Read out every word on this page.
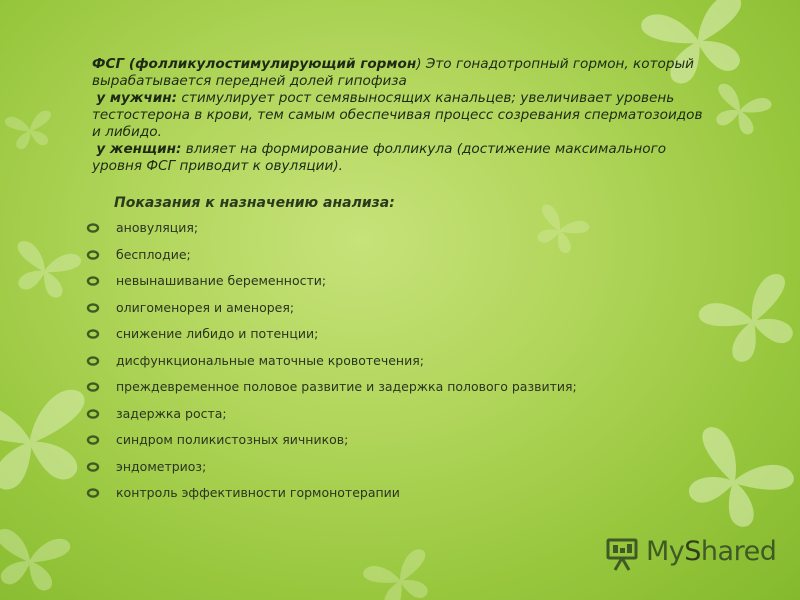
ФСГ (фолликулостимулирующий гормон) Это гонадотропный гормон, который вырабатывается передней долей гипофиза
у мужчин: стимулирует рост семявыносящих канальцев; увеличивает уровень тестостерона в крови, тем самым обеспечивая процесс созревания сперматозоидов и либидо.
у женщин: влияет на формирование фолликула (достижение максимального уровня ФСГ приводит к овуляции).

Показания к назначению анализа:
ановуляция;
бесплодие;
невынашивание беременности;
олигоменорея и аменорея;
снижение либидо и потенции;
дисфункциональные маточные кровотечения;
преждевременное половое развитие и задержка полового развития;
задержка роста;
синдром поликистозных яичников;
эндометриоз;
контроль эффективности гормонотерапии
MyShared
